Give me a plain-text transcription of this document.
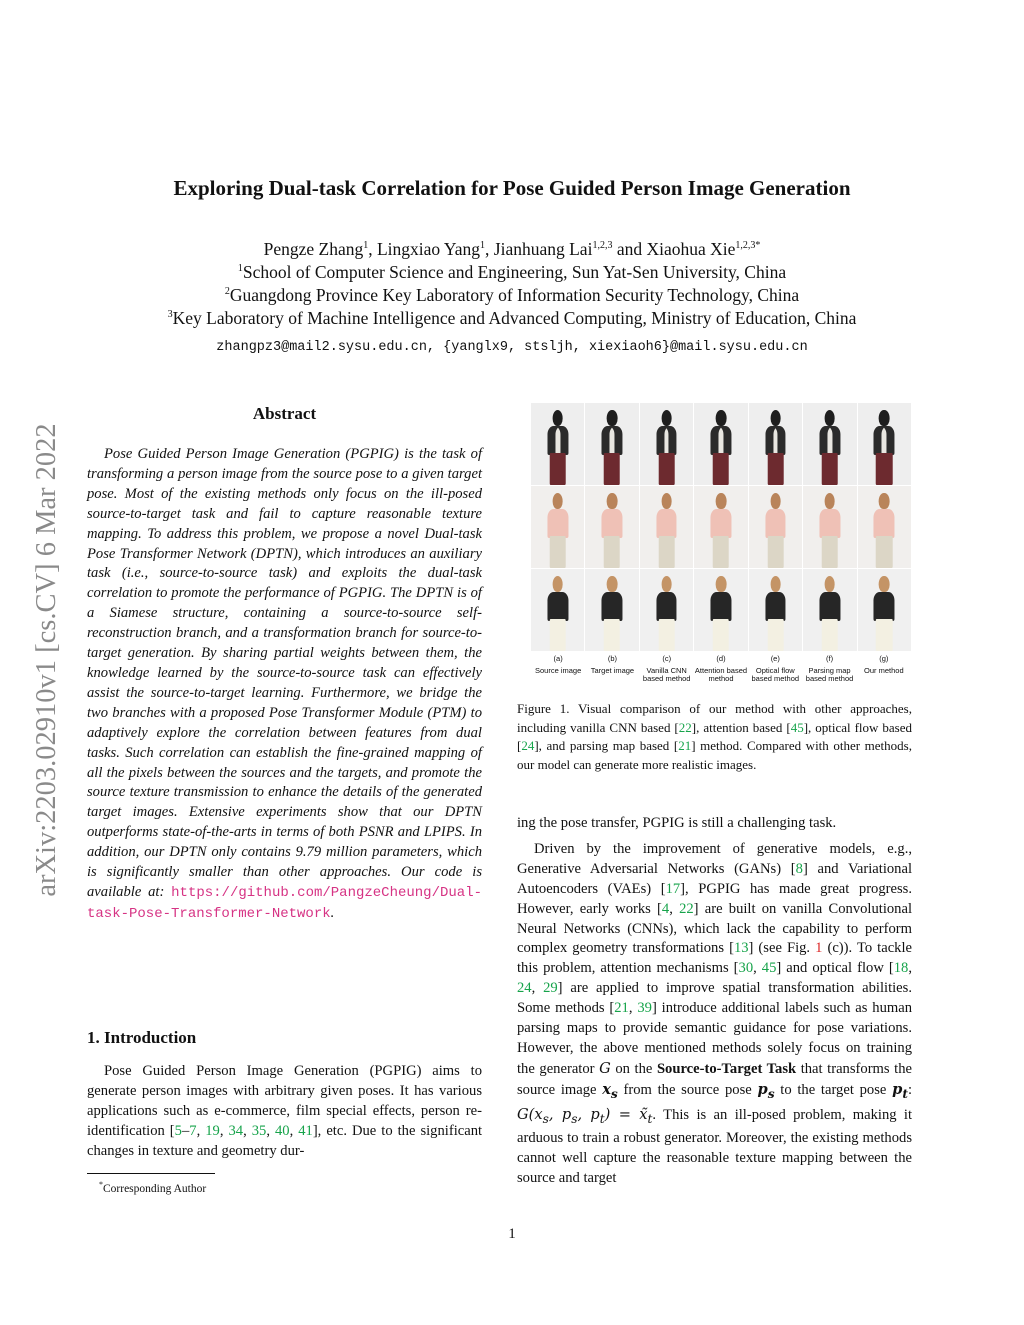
arXiv:2203.02910v1 [cs.CV] 6 Mar 2022
Exploring Dual-task Correlation for Pose Guided Person Image Generation
Pengze Zhang$^1$, Lingxiao Yang$^1$, Jianhuang Lai$^{1,2,3}$ and Xiaohua Xie$^{1,2,3*}$
$^1$School of Computer Science and Engineering, Sun Yat-Sen University, China
$^2$Guangdong Province Key Laboratory of Information Security Technology, China
$^3$Key Laboratory of Machine Intelligence and Advanced Computing, Ministry of Education, China
zhangpz3@mail2.sysu.edu.cn, {yanglx9, stsljh, xiexiaoh6}@mail.sysu.edu.cn
Abstract
Pose Guided Person Image Generation (PGPIG) is the task of transforming a person image from the source pose to a given target pose. Most of the existing methods only focus on the ill-posed source-to-target task and fail to capture reasonable texture mapping. To address this problem, we propose a novel Dual-task Pose Transformer Network (DPTN), which introduces an auxiliary task (i.e., source-to-source task) and exploits the dual-task correlation to promote the performance of PGPIG. The DPTN is of a Siamese structure, containing a source-to-source self-reconstruction branch, and a transformation branch for source-to-target generation. By sharing partial weights between them, the knowledge learned by the source-to-source task can effectively assist the source-to-target learning. Furthermore, we bridge the two branches with a proposed Pose Transformer Module (PTM) to adaptively explore the correlation between features from dual tasks. Such correlation can establish the fine-grained mapping of all the pixels between the sources and the targets, and promote the source texture transmission to enhance the details of the generated target images. Extensive experiments show that our DPTN outperforms state-of-the-arts in terms of both PSNR and LPIPS. In addition, our DPTN only contains 9.79 million parameters, which is significantly smaller than other approaches. Our code is available at: https://github.com/PangzeCheung/Dual-task-Pose-Transformer-Network.
1. Introduction
Pose Guided Person Image Generation (PGPIG) aims to generate person images with arbitrary given poses. It has various applications such as e-commerce, film special effects, person re-identification [5–7, 19, 34, 35, 40, 41], etc. Due to the significant changes in texture and geometry dur-
*Corresponding Author
(a)
Source image
(b)
Target image
(c)
Vanilla CNN based method
(d)
Attention based method
(e)
Optical flow based method
(f)
Parsing map based method
(g)
Our method
Figure 1. Visual comparison of our method with other approaches, including vanilla CNN based [22], attention based [45], optical flow based [24], and parsing map based [21] method. Compared with other methods, our model can generate more realistic images.

ing the pose transfer, PGPIG is still a challenging task.

Driven by the improvement of generative models, e.g., Generative Adversarial Networks (GANs) [8] and Variational Autoencoders (VAEs) [17], PGPIG has made great progress. However, early works [4, 22] are built on vanilla Convolutional Neural Networks (CNNs), which lack the capability to perform complex geometry transformations [13] (see Fig. 1 (c)). To tackle this problem, attention mechanisms [30, 45] and optical flow [18, 24, 29] are applied to improve spatial transformation abilities. Some methods [21, 39] introduce additional labels such as human parsing maps to provide semantic guidance for pose variations. However, the above mentioned methods solely focus on training the generator G on the Source-to-Target Task that transforms the source image $x_s$ from the source pose $p_s$ to the target pose $p_t$: $G(x_s$, $p_s$, $p_t$) = $x̃_t$. This is an ill-posed problem, making it arduous to train a robust generator. Moreover, the existing methods cannot well capture the reasonable texture mapping between the source and target

1
